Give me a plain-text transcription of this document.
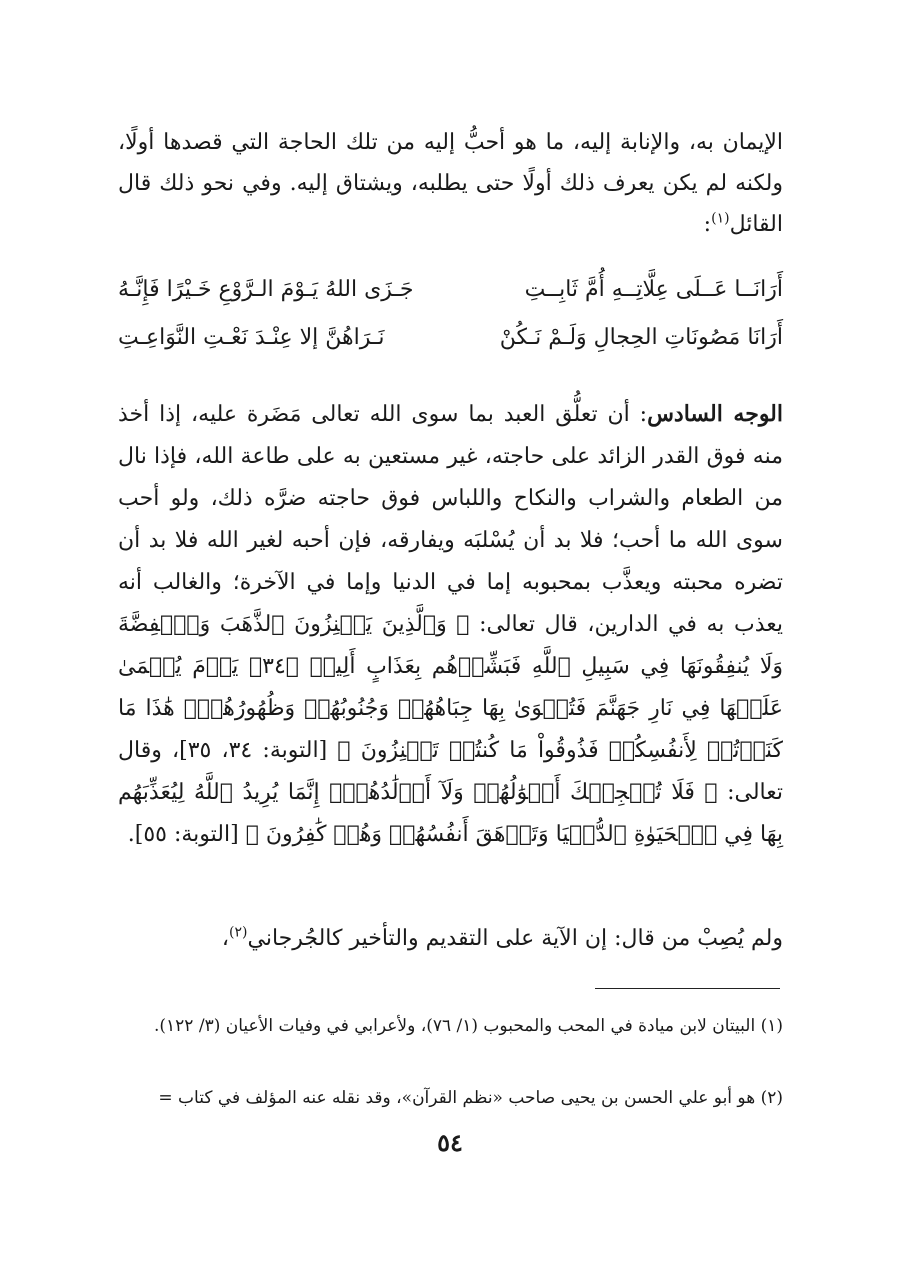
الإيمان به، والإنابة إليه، ما هو أحبُّ إليه من تلك الحاجة التي قصدها أولًا، ولكنه لم يكن يعرف ذلك أولًا حتى يطلبه، ويشتاق إليه. وفي نحو ذلك قال القائل$^{(١)}$:

أَرَانَــا عَــلَى عِلَّاتِــهِ أُمَّ ثَابِــتِ
جَـزَى اللهُ يَـوْمَ الـرَّوْعِ خَـيْرًا فَإِنَّـهُ
أَرَانَا مَصُونَاتِ الحِجالِ وَلَـمْ نَـكُنْ
نَـرَاهُنَّ إلا عِنْـدَ نَعْـتِ النَّوَاعِـتِ

الوجه السادس: أن تعلُّق العبد بما سوى الله تعالى مَضَرة عليه، إذا أخذ منه فوق القدر الزائد على حاجته، غير مستعين به على طاعة الله، فإذا نال من الطعام والشراب والنكاح واللباس فوق حاجته ضرَّه ذلك، ولو أحب سوى الله ما أحب؛ فلا بد أن يُسْلبَه ويفارقه، فإن أحبه لغير الله فلا بد أن تضره محبته ويعذَّب بمحبوبه إما في الدنيا وإما في الآخرة؛ والغالب أنه يعذب به في الدارين، قال تعالى: ﴿ وَٱلَّذِينَ يَكۡنِزُونَ ٱلذَّهَبَ وَٱلۡفِضَّةَ وَلَا يُنفِقُونَهَا فِي سَبِيلِ ٱللَّهِ فَبَشِّرۡهُم بِعَذَابٍ أَلِيمٖ ﴿٣٤﴾ يَوۡمَ يُحۡمَىٰ عَلَيۡهَا فِي نَارِ جَهَنَّمَ فَتُكۡوَىٰ بِهَا جِبَاهُهُمۡ وَجُنُوبُهُمۡ وَظُهُورُهُمۡۖ هَٰذَا مَا كَنَزۡتُمۡ لِأَنفُسِكُمۡ فَذُوقُواْ مَا كُنتُمۡ تَكۡنِزُونَ ﴾ [التوبة: ٣٤، ٣٥]، وقال تعالى: ﴿ فَلَا تُعۡجِبۡكَ أَمۡوَٰلُهُمۡ وَلَآ أَوۡلَٰدُهُمۡۚ إِنَّمَا يُرِيدُ ٱللَّهُ لِيُعَذِّبَهُم بِهَا فِي ٱلۡحَيَوٰةِ ٱلدُّنۡيَا وَتَزۡهَقَ أَنفُسُهُمۡ وَهُمۡ كَٰفِرُونَ ﴾ [التوبة: ٥٥].

ولم يُصِبْ من قال: إن الآية على التقديم والتأخير كالجُرجاني$^{(٢)}$،

(١) البيتان لابن ميادة في المحب والمحبوب (١/ ٧٦)، ولأعرابي في وفيات الأعيان (٣/ ١٢٢).

(٢) هو أبو علي الحسن بن يحيى صاحب «نظم القرآن»، وقد نقله عنه المؤلف في كتاب =

٥٤
